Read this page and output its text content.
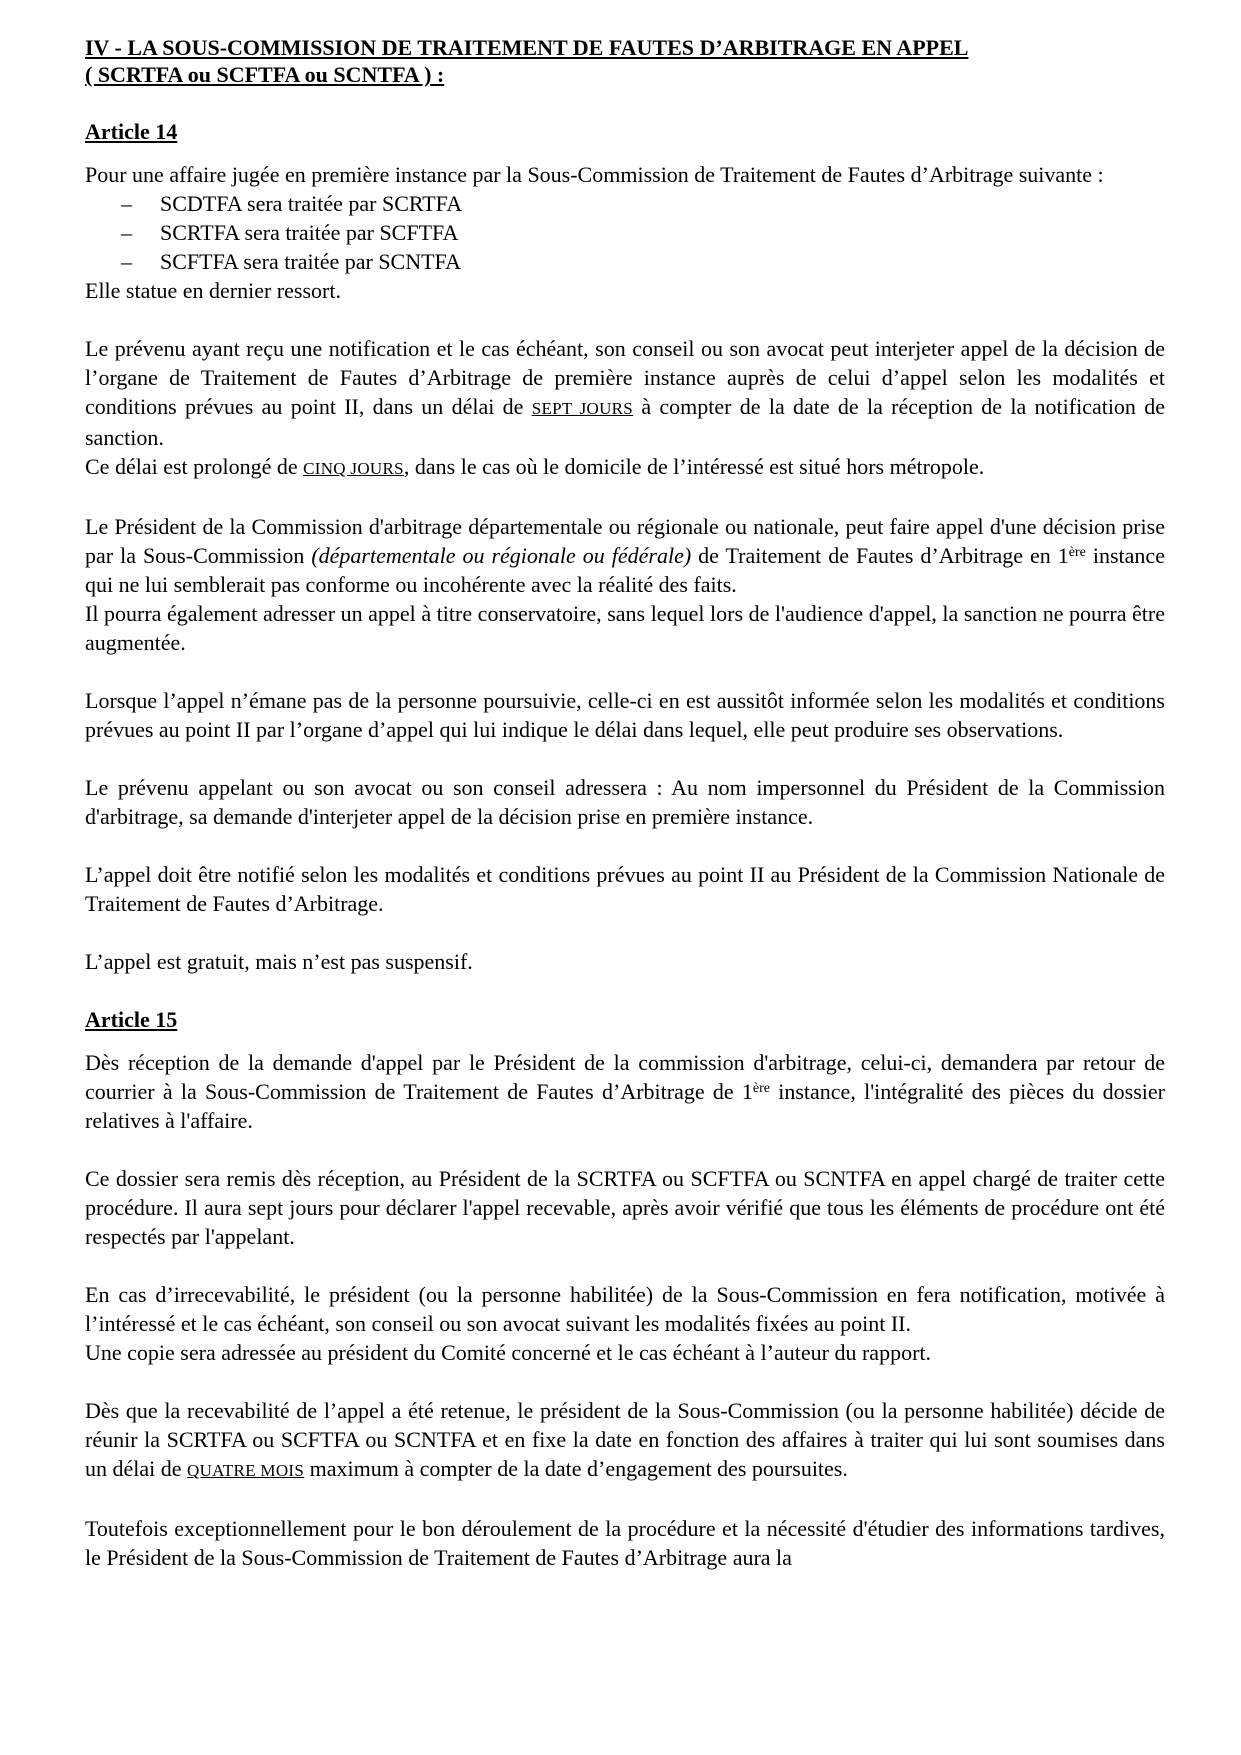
IV - LA SOUS-COMMISSION DE TRAITEMENT DE FAUTES D’ARBITRAGE EN APPEL
( SCRTFA ou SCFTFA ou SCNTFA ) :
Article 14

Pour une affaire jugée en première instance par la Sous-Commission de Traitement de Fautes d’Arbitrage suivante :

– SCDTFA sera traitée par SCRTFA
– SCRTFA sera traitée par SCFTFA
– SCFTFA sera traitée par SCNTFA

Elle statue en dernier ressort.

Le prévenu ayant reçu une notification et le cas échéant, son conseil ou son avocat peut interjeter appel de la décision de l’organe de Traitement de Fautes d’Arbitrage de première instance auprès de celui d’appel selon les modalités et conditions prévues au point II, dans un délai de SEPT JOURS à compter de la date de la réception de la notification de sanction.

Ce délai est prolongé de CINQ JOURS, dans le cas où le domicile de l’intéressé est situé hors métropole.

Le Président de la Commission d'arbitrage départementale ou régionale ou nationale, peut faire appel d'une décision prise par la Sous-Commission (départementale ou régionale ou fédérale) de Traitement de Fautes d’Arbitrage en 1ère instance qui ne lui semblerait pas conforme ou incohérente avec la réalité des faits.

Il pourra également adresser un appel à titre conservatoire, sans lequel lors de l'audience d'appel, la sanction ne pourra être augmentée.

Lorsque l’appel n’émane pas de la personne poursuivie, celle-ci en est aussitôt informée selon les modalités et conditions prévues au point II par l’organe d’appel qui lui indique le délai dans lequel, elle peut produire ses observations.

Le prévenu appelant ou son avocat ou son conseil adressera : Au nom impersonnel du Président de la Commission d'arbitrage, sa demande d'interjeter appel de la décision prise en première instance.

L’appel doit être notifié selon les modalités et conditions prévues au point II au Président de la Commission Nationale de Traitement de Fautes d’Arbitrage.

L’appel est gratuit, mais n’est pas suspensif.

Article 15

Dès réception de la demande d'appel par le Président de la commission d'arbitrage, celui-ci, demandera par retour de courrier à la Sous-Commission de Traitement de Fautes d’Arbitrage de 1ère instance, l'intégralité des pièces du dossier relatives à l'affaire.

Ce dossier sera remis dès réception, au Président de la SCRTFA ou SCFTFA ou SCNTFA en appel chargé de traiter cette procédure. Il aura sept jours pour déclarer l'appel recevable, après avoir vérifié que tous les éléments de procédure ont été respectés par l'appelant.

En cas d’irrecevabilité, le président (ou la personne habilitée) de la Sous-Commission en fera notification, motivée à l’intéressé et le cas échéant, son conseil ou son avocat suivant les modalités fixées au point II.

Une copie sera adressée au président du Comité concerné et le cas échéant à l’auteur du rapport.

Dès que la recevabilité de l’appel a été retenue, le président de la Sous-Commission (ou la personne habilitée) décide de réunir la SCRTFA ou SCFTFA ou SCNTFA et en fixe la date en fonction des affaires à traiter qui lui sont soumises dans un délai de QUATRE MOIS maximum à compter de la date d’engagement des poursuites.

Toutefois exceptionnellement pour le bon déroulement de la procédure et la nécessité d'étudier des informations tardives, le Président de la Sous-Commission de Traitement de Fautes d’Arbitrage aura la
